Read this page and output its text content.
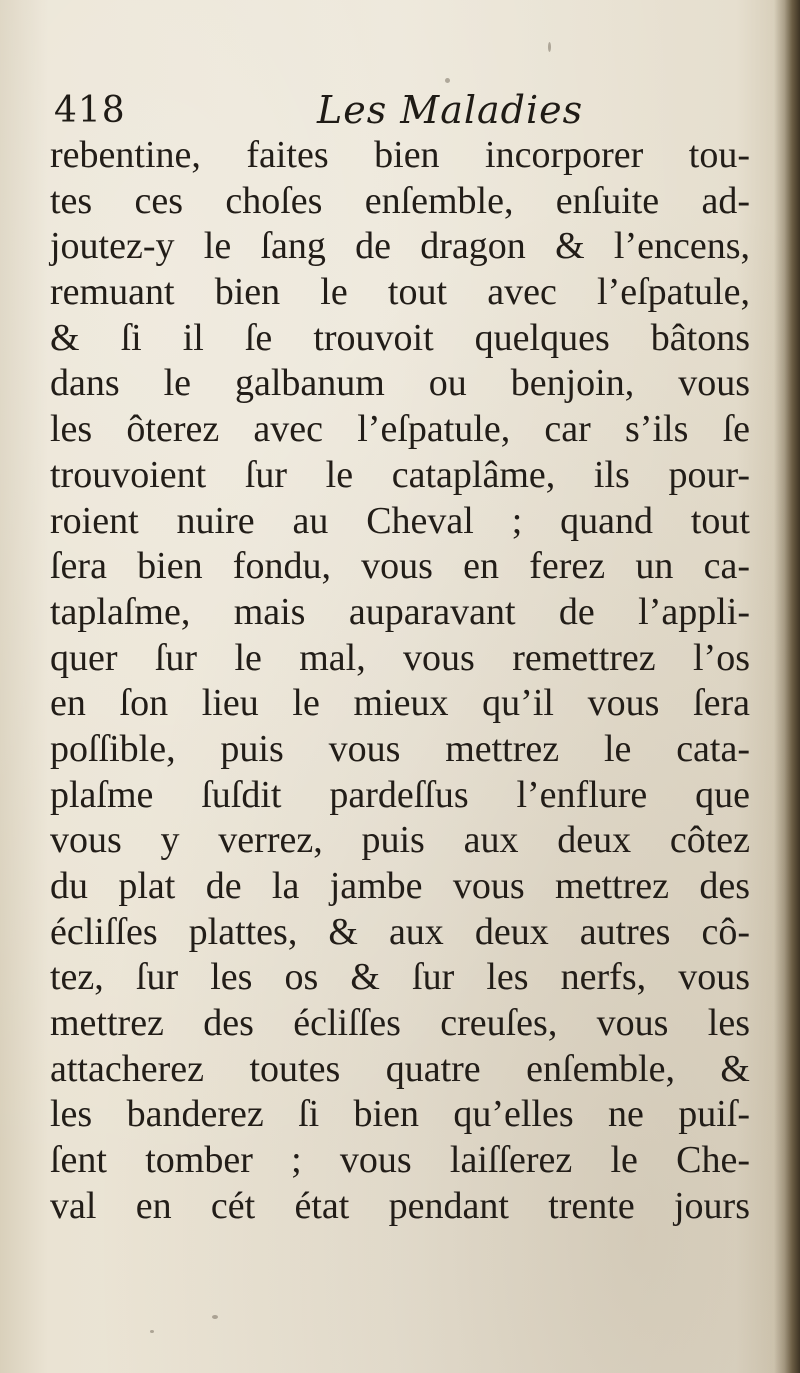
418	Les Maladies
rebentine, faites bien incorporer tou-
tes ces choſes enſemble, enſuite ad-
joutez-y le ſang de dragon & l’encens,
remuant bien le tout avec l’eſpatule,
& ſi il ſe trouvoit quelques bâtons
dans le galbanum ou benjoin, vous
les ôterez avec l’eſpatule, car s’ils ſe
trouvoient ſur le cataplâme, ils pour-
roient nuire au Cheval ; quand tout
ſera bien fondu, vous en ferez un ca-
taplaſme, mais auparavant de l’appli-
quer ſur le mal, vous remettrez l’os
en ſon lieu le mieux qu’il vous ſera
poſſible, puis vous mettrez le cata-
plaſme ſuſdit pardeſſus l’enflure que
vous y verrez, puis aux deux côtez
du plat de la jambe vous mettrez des
écliſſes plattes, & aux deux autres cô-
tez, ſur les os & ſur les nerfs, vous
mettrez des écliſſes creuſes, vous les
attacherez toutes quatre enſemble, &
les banderez ſi bien qu’elles ne puiſ-
ſent tomber ; vous laiſſerez le Che-
val en cét état pendant trente jours
